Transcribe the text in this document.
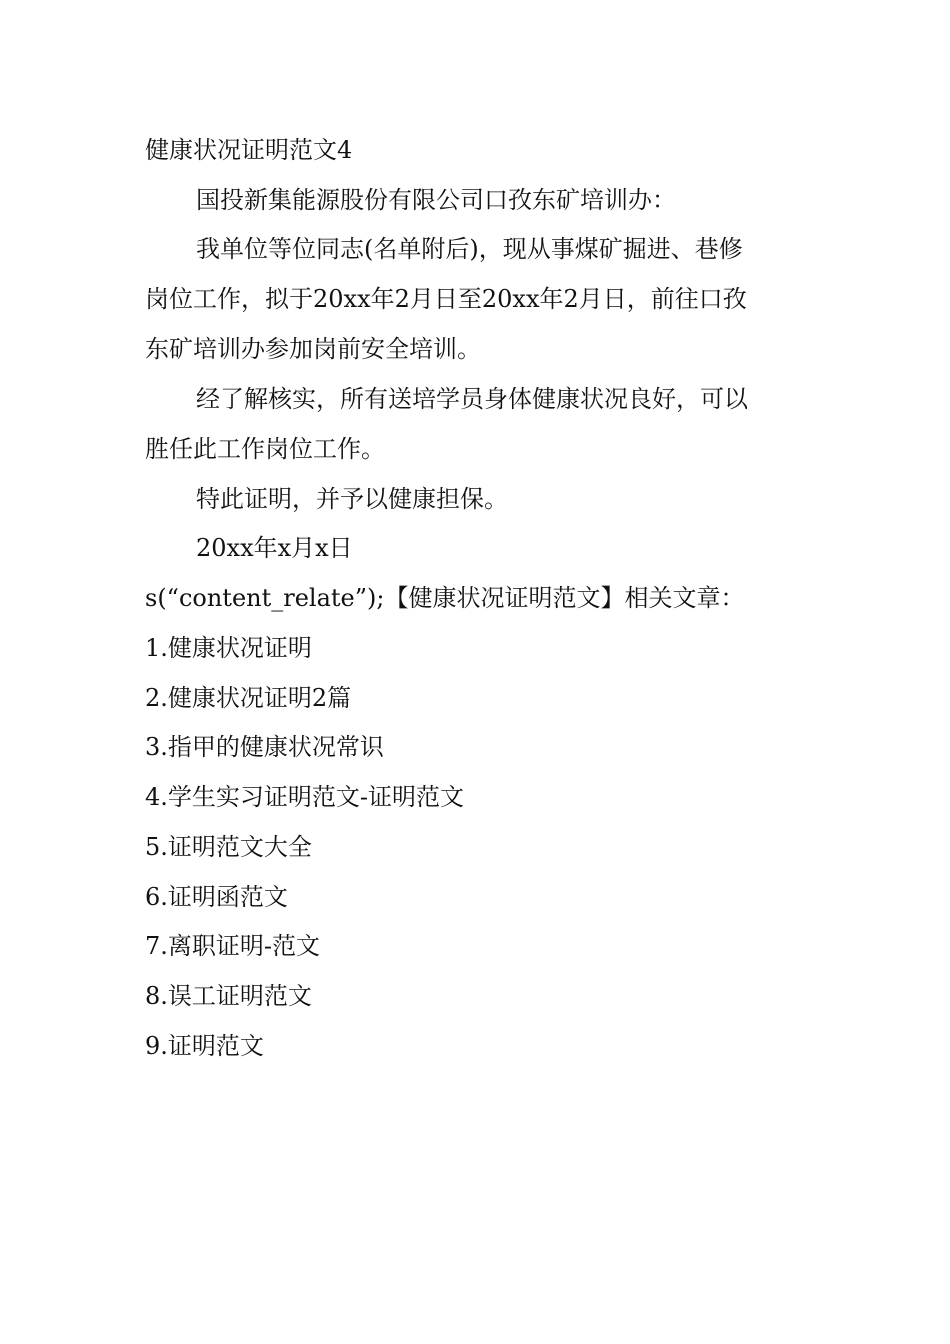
健康状况证明范文4
国投新集能源股份有限公司口孜东矿培训办：
我单位等位同志(名单附后)，现从事煤矿掘进、巷修
岗位工作，拟于20xx年2月日至20xx年2月日，前往口孜
东矿培训办参加岗前安全培训。
经了解核实，所有送培学员身体健康状况良好，可以
胜任此工作岗位工作。
特此证明，并予以健康担保。
20xx年x月x日
s(“content_relate”);【健康状况证明范文】相关文章：
1.健康状况证明
2.健康状况证明2篇
3.指甲的健康状况常识
4.学生实习证明范文-证明范文
5.证明范文大全
6.证明函范文
7.离职证明-范文
8.误工证明范文
9.证明范文
